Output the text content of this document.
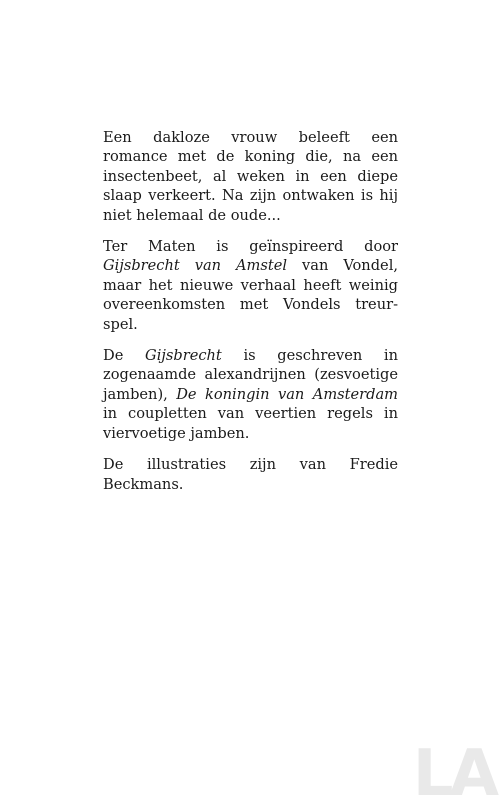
Een dakloze vrouw beleeft een romance met de koning die, na een insectenbeet, al weken in een diepe slaap verkeert. Na zijn ontwaken is hij niet helemaal de oude...

Ter Maten is geïnspireerd door Gijsbrecht van Amstel van Vondel, maar het nieuwe verhaal heeft weinig overeenkomsten met Vondels treur-spel.

De Gijsbrecht is geschreven in zogenaamde alexandrijnen (zesvoetige jamben), De koningin van Amsterdam in coupletten van veertien regels in viervoetige jamben.

De illustraties zijn van Fredie Beckmans.

LA
